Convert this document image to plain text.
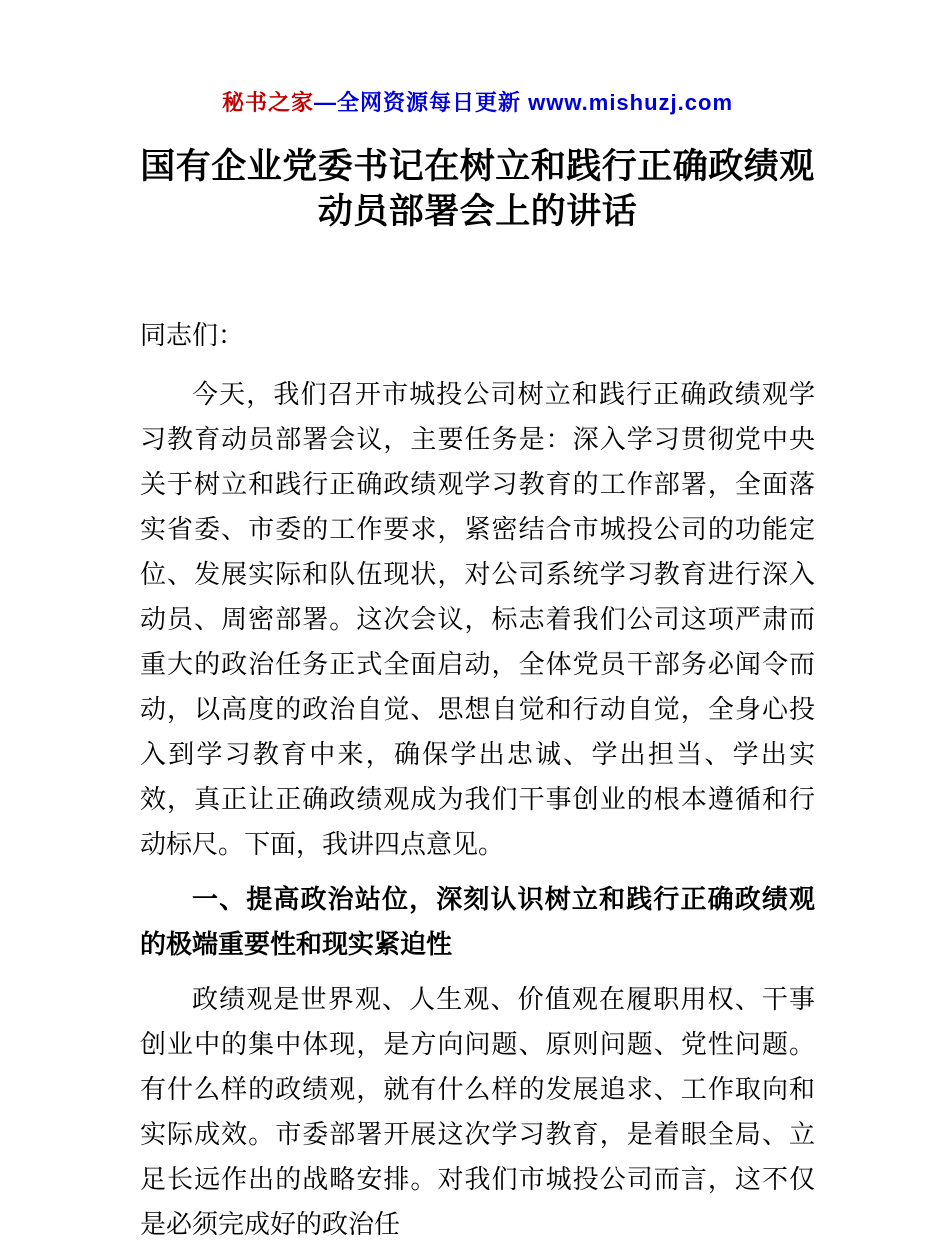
秘书之家—全网资源每日更新 www.mishuzj.com
国有企业党委书记在树立和践行正确政绩观
动员部署会上的讲话

同志们：

今天，我们召开市城投公司树立和践行正确政绩观学习教育动员部署会议，主要任务是：深入学习贯彻党中央关于树立和践行正确政绩观学习教育的工作部署，全面落实省委、市委的工作要求，紧密结合市城投公司的功能定位、发展实际和队伍现状，对公司系统学习教育进行深入动员、周密部署。这次会议，标志着我们公司这项严肃而重大的政治任务正式全面启动，全体党员干部务必闻令而动，以高度的政治自觉、思想自觉和行动自觉，全身心投入到学习教育中来，确保学出忠诚、学出担当、学出实效，真正让正确政绩观成为我们干事创业的根本遵循和行动标尺。下面，我讲四点意见。

一、提高政治站位，深刻认识树立和践行正确政绩观的极端重要性和现实紧迫性

政绩观是世界观、人生观、价值观在履职用权、干事创业中的集中体现，是方向问题、原则问题、党性问题。有什么样的政绩观，就有什么样的发展追求、工作取向和实际成效。市委部署开展这次学习教育，是着眼全局、立足长远作出的战略安排。对我们市城投公司而言，这不仅是必须完成好的政治任
